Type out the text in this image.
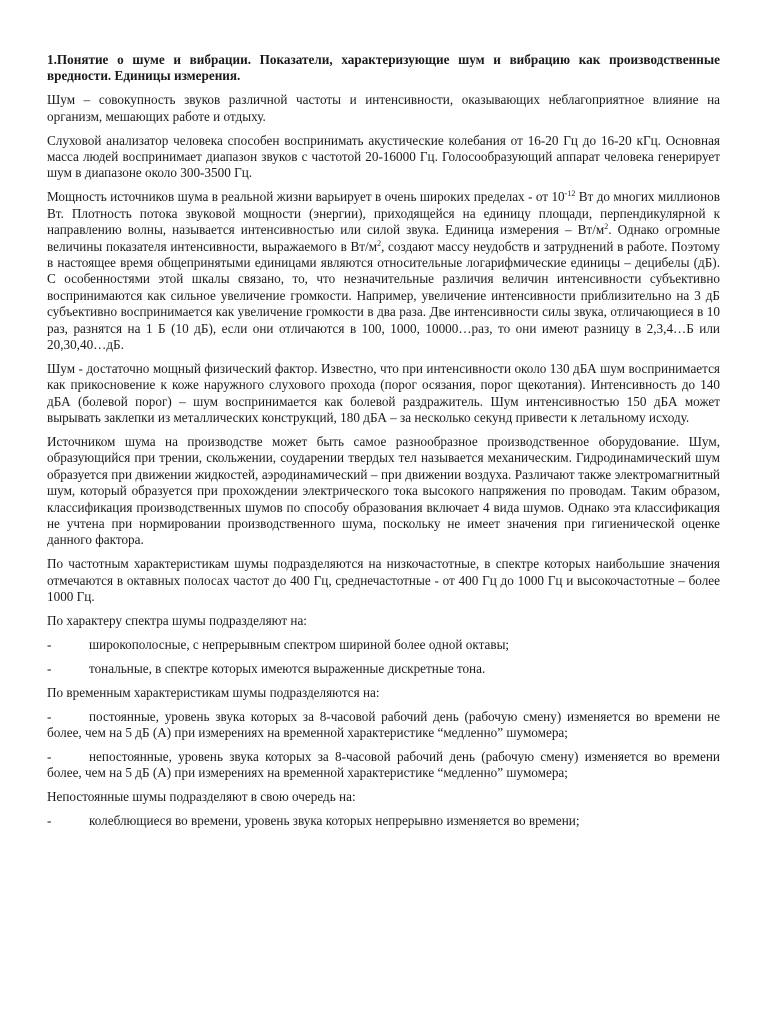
1.Понятие о шуме и вибрации. Показатели, характеризующие шум и вибрацию как производственные вредности. Единицы измерения.

Шум – совокупность звуков различной частоты и интенсивности, оказывающих неблагоприятное влияние на организм, мешающих работе и отдыху.

Слуховой анализатор человека способен воспринимать акустические колебания от 16-20 Гц до 16-20 кГц. Основная масса людей воспринимает диапазон звуков с частотой 20-16000 Гц. Голосообразующий аппарат человека генерирует шум в диапазоне около 300-3500 Гц.

Мощность источников шума в реальной жизни варьирует в очень широких пределах - от $10^{-12}$ Вт до многих миллионов Вт. Плотность потока звуковой мощности (энергии), приходящейся на единицу площади, перпендикулярной к направлению волны, называется интенсивностью или силой звука. Единица измерения – $Вт/м^2$. Однако огромные величины показателя интенсивности, выражаемого в $Вт/м^2$, создают массу неудобств и затруднений в работе. Поэтому в настоящее время общепринятыми единицами являются относительные логарифмические единицы – децибелы (дБ). С особенностями этой шкалы связано, то, что незначительные различия величин интенсивности субъективно воспринимаются как сильное увеличение громкости. Например, увеличение интенсивности приблизительно на 3 дБ субъективно воспринимается как увеличение громкости в два раза. Две интенсивности силы звука, отличающиеся в 10 раз, разнятся на 1 Б (10 дБ), если они отличаются в 100, 1000, 10000…раз, то они имеют разницу в 2,3,4…Б или 20,30,40…дБ.

Шум - достаточно мощный физический фактор. Известно, что при интенсивности около 130 дБА шум воспринимается как прикосновение к коже наружного слухового прохода (порог осязания, порог щекотания). Интенсивность до 140 дБА (болевой порог) – шум воспринимается как болевой раздражитель. Шум интенсивностью 150 дБА может вырывать заклепки из металлических конструкций, 180 дБА – за несколько секунд привести к летальному исходу.

Источником шума на производстве может быть самое разнообразное производственное оборудование. Шум, образующийся при трении, скольжении, соударении твердых тел называется механическим. Гидродинамический шум образуется при движении жидкостей, аэродинамический – при движении воздуха. Различают также электромагнитный шум, который образуется при прохождении электрического тока высокого напряжения по проводам. Таким образом, классификация производственных шумов по способу образования включает 4 вида шумов. Однако эта классификация не учтена при нормировании производственного шума, поскольку не имеет значения при гигиенической оценке данного фактора.

По частотным характеристикам шумы подразделяются на низкочастотные, в спектре которых наибольшие значения отмечаются в октавных полосах частот до 400 Гц, среднечастотные - от 400 Гц до 1000 Гц и высокочастотные – более 1000 Гц.

По характеру спектра шумы подразделяют на:

-	широкополосные, с непрерывным спектром шириной более одной октавы;

-	тональные, в спектре которых имеются выраженные дискретные тона.

По временным характеристикам шумы подразделяются на:

-	постоянные, уровень звука которых за 8-часовой рабочий день (рабочую смену) изменяется во времени не более, чем на 5 дБ (А) при измерениях на временной характеристике “медленно” шумомера;

-	непостоянные, уровень звука которых за 8-часовой рабочий день (рабочую смену) изменяется во времени более, чем на 5 дБ (А) при измерениях на временной характеристике “медленно” шумомера;

Непостоянные шумы подразделяют в свою очередь на:

-	колеблющиеся во времени, уровень звука которых непрерывно изменяется во времени;
